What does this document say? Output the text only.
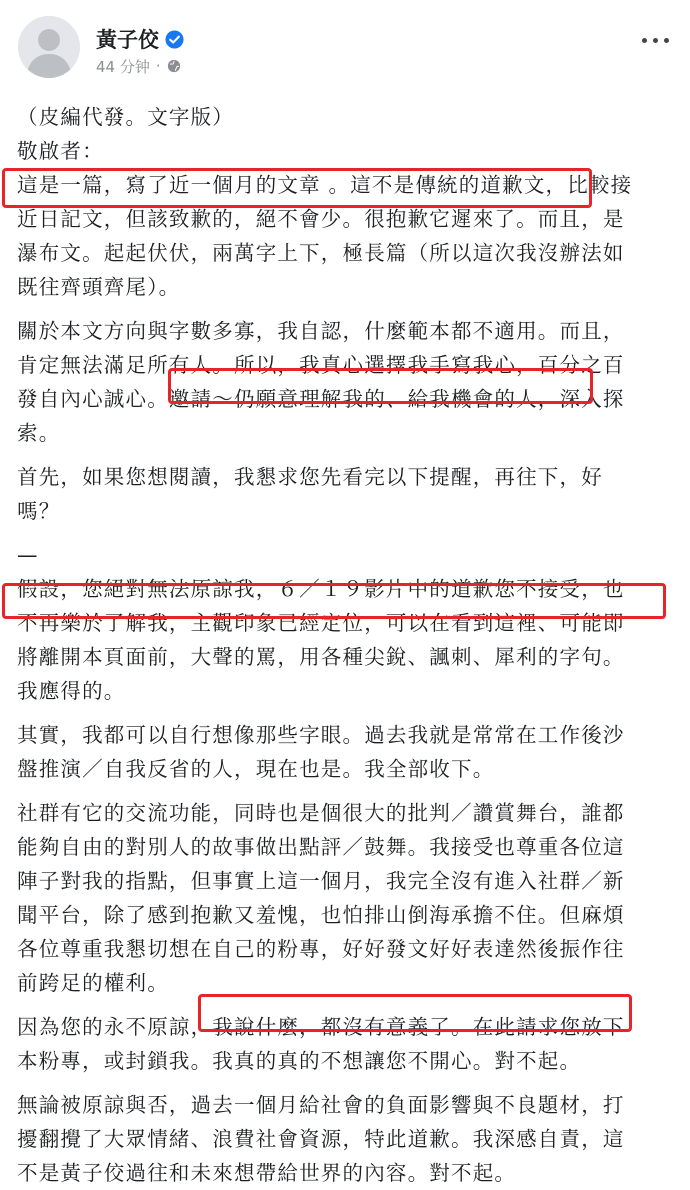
黃子佼
44 分钟 ·
（皮編代發。文字版）
敬啟者：
這是一篇，寫了近一個月的文章 。這不是傳統的道歉文，比較接
近日記文，但該致歉的，絕不會少。很抱歉它遲來了。而且，是
瀑布文。起起伏伏，兩萬字上下，極長篇（所以這次我沒辦法如
既往齊頭齊尾）。
關於本文方向與字數多寡，我自認，什麼範本都不適用。而且，
肯定無法滿足所有人。所以，我真心選擇我手寫我心，百分之百
發自內心誠心。邀請～仍願意理解我的、給我機會的人，深入探
索。
首先，如果您想閱讀，我懇求您先看完以下提醒，再往下，好
嗎？
—
假設，您絕對無法原諒我，６／１９影片中的道歉您不接受，也
不再樂於了解我，主觀印象已經定位，可以在看到這裡、可能即
將離開本頁面前，大聲的罵，用各種尖銳、諷刺、犀利的字句。
我應得的。
其實，我都可以自行想像那些字眼。過去我就是常常在工作後沙
盤推演／自我反省的人，現在也是。我全部收下。
社群有它的交流功能，同時也是個很大的批判／讚賞舞台，誰都
能夠自由的對別人的故事做出點評／鼓舞。我接受也尊重各位這
陣子對我的指點，但事實上這一個月，我完全沒有進入社群／新
聞平台，除了感到抱歉又羞愧，也怕排山倒海承擔不住。但麻煩
各位尊重我懇切想在自己的粉專，好好發文好好表達然後振作往
前跨足的權利。
因為您的永不原諒，我說什麼，都沒有意義了。在此請求您放下
本粉專，或封鎖我。我真的真的不想讓您不開心。對不起。
無論被原諒與否，過去一個月給社會的負面影響與不良題材，打
擾翻攪了大眾情緒、浪費社會資源，特此道歉。我深感自責，這
不是黃子佼過往和未來想帶給世界的內容。對不起。
